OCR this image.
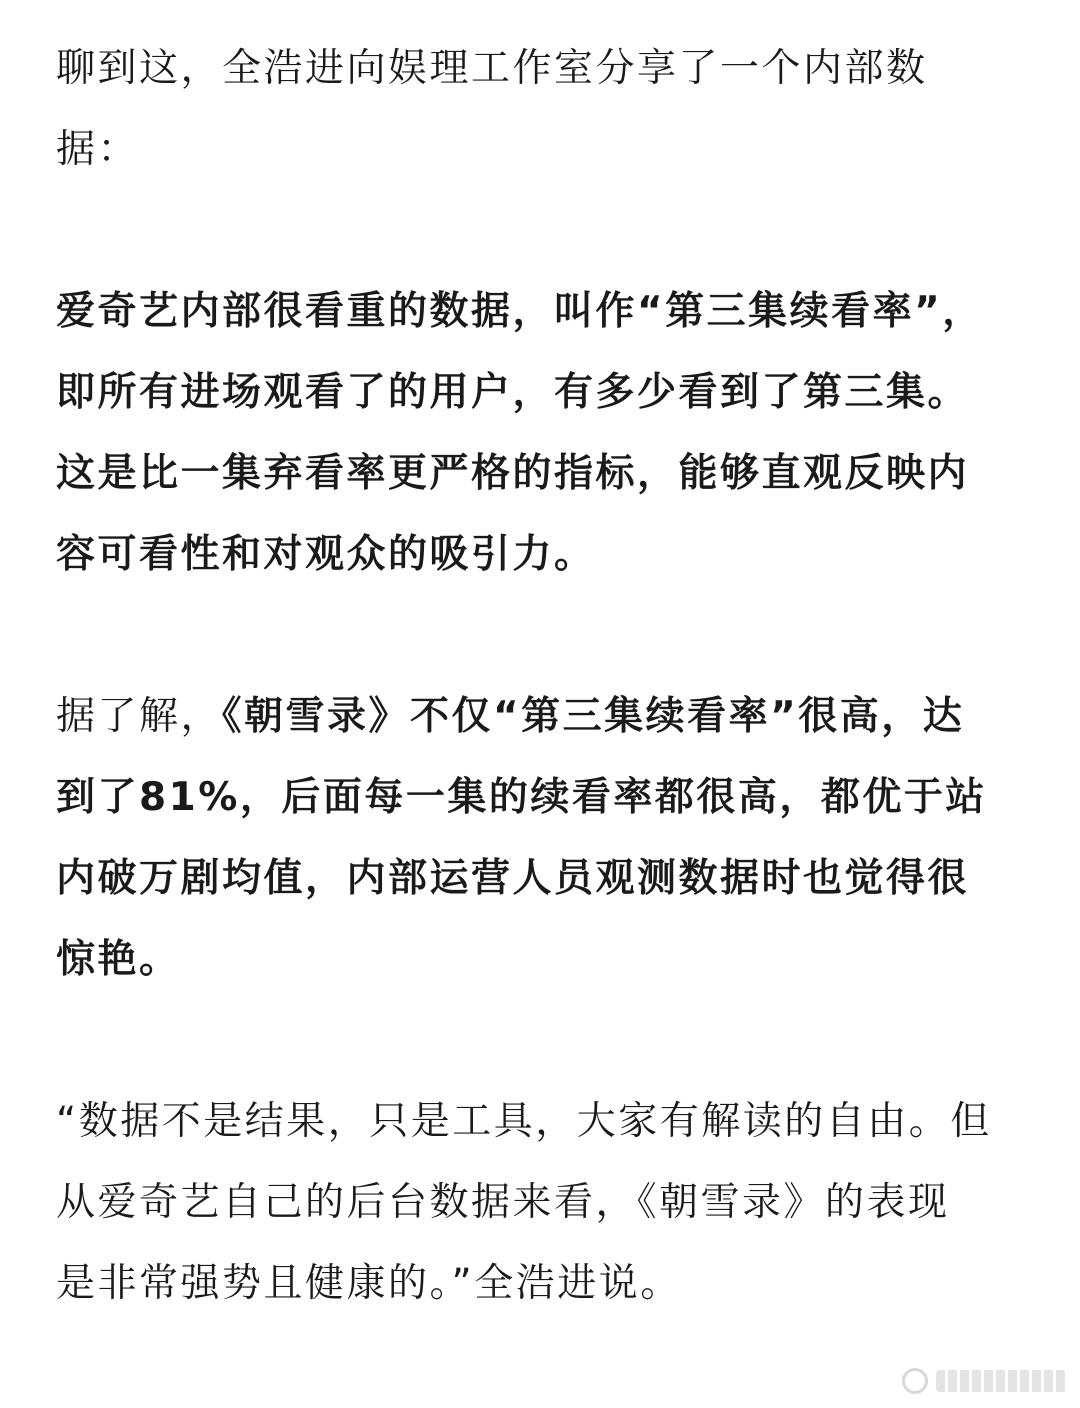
聊到这，全浩进向娱理工作室分享了一个内部数
据：

爱奇艺内部很看重的数据，叫作“第三集续看率”，
即所有进场观看了的用户，有多少看到了第三集。
这是比一集弃看率更严格的指标，能够直观反映内
容可看性和对观众的吸引力。

据了解，《朝雪录》不仅“第三集续看率”很高，达
到了81%，后面每一集的续看率都很高，都优于站
内破万剧均值，内部运营人员观测数据时也觉得很
惊艳。

“数据不是结果，只是工具，大家有解读的自由。但
从爱奇艺自己的后台数据来看，《朝雪录》的表现
是非常强势且健康的。”全浩进说。
